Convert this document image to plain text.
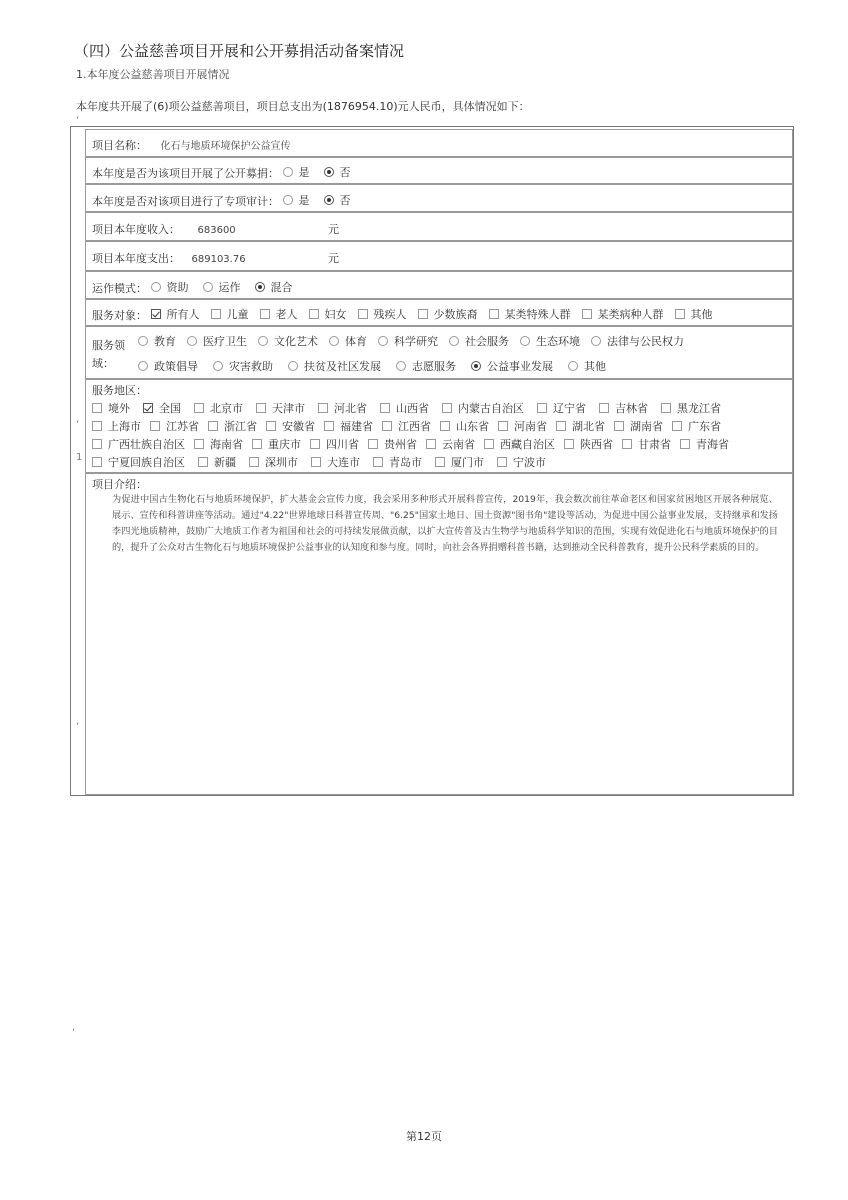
（四）公益慈善项目开展和公开募捐活动备案情况
1.本年度公益慈善项目开展情况
本年度共开展了(6)项公益慈善项目，项目总支出为(1876954.10)元人民币，具体情况如下：
,
,
1
,
,
项目名称： 化石与地质环境保护公益宣传
本年度是否为该项目开展了公开募捐： 是	否
本年度是否对该项目进行了专项审计： 是	否
项目本年度收入： 683600	元
项目本年度支出： 689103.76	元
运作模式： 资助	运作	混合
服务对象： 所有人 儿童 老人 妇女 残疾人 少数族裔 某类特殊人群 某类病种人群 其他
服务领
域：
教育 医疗卫生 文化艺术 体育 科学研究 社会服务 生态环境 法律与公民权力
政策倡导	灾害救助	扶贫及社区发展	志愿服务	公益事业发展	其他
服务地区：
境外	全国	北京市	天津市	河北省	山西省	内蒙古自治区	辽宁省	吉林省	黑龙江省
上海市 江苏省 浙江省 安徽省 福建省 江西省 山东省 河南省 湖北省 湖南省 广东省
广西壮族自治区 海南省 重庆市 四川省 贵州省 云南省 西藏自治区 陕西省 甘肃省 青海省
宁夏回族自治区	新疆	深圳市	大连市	青岛市	厦门市	宁波市
项目介绍：
为促进中国古生物化石与地质环境保护，扩大基金会宣传力度，我会采用多种形式开展科普宣传，2019年，我会数次前往革命老区和国家贫困地区开展各种展览、展示、宣传和科普讲座等活动。通过"4.22"世界地球日科普宣传周、"6.25"国家土地日、国土资源"图书角"建设等活动，为促进中国公益事业发展，支持继承和发扬李四光地质精神，鼓励广大地质工作者为祖国和社会的可持续发展做贡献，以扩大宣传普及古生物学与地质科学知识的范围，实现有效促进化石与地质环境保护的目的，提升了公众对古生物化石与地质环境保护公益事业的认知度和参与度。同时，向社会各界捐赠科普书籍，达到推动全民科普教育，提升公民科学素质的目的。
第12页
